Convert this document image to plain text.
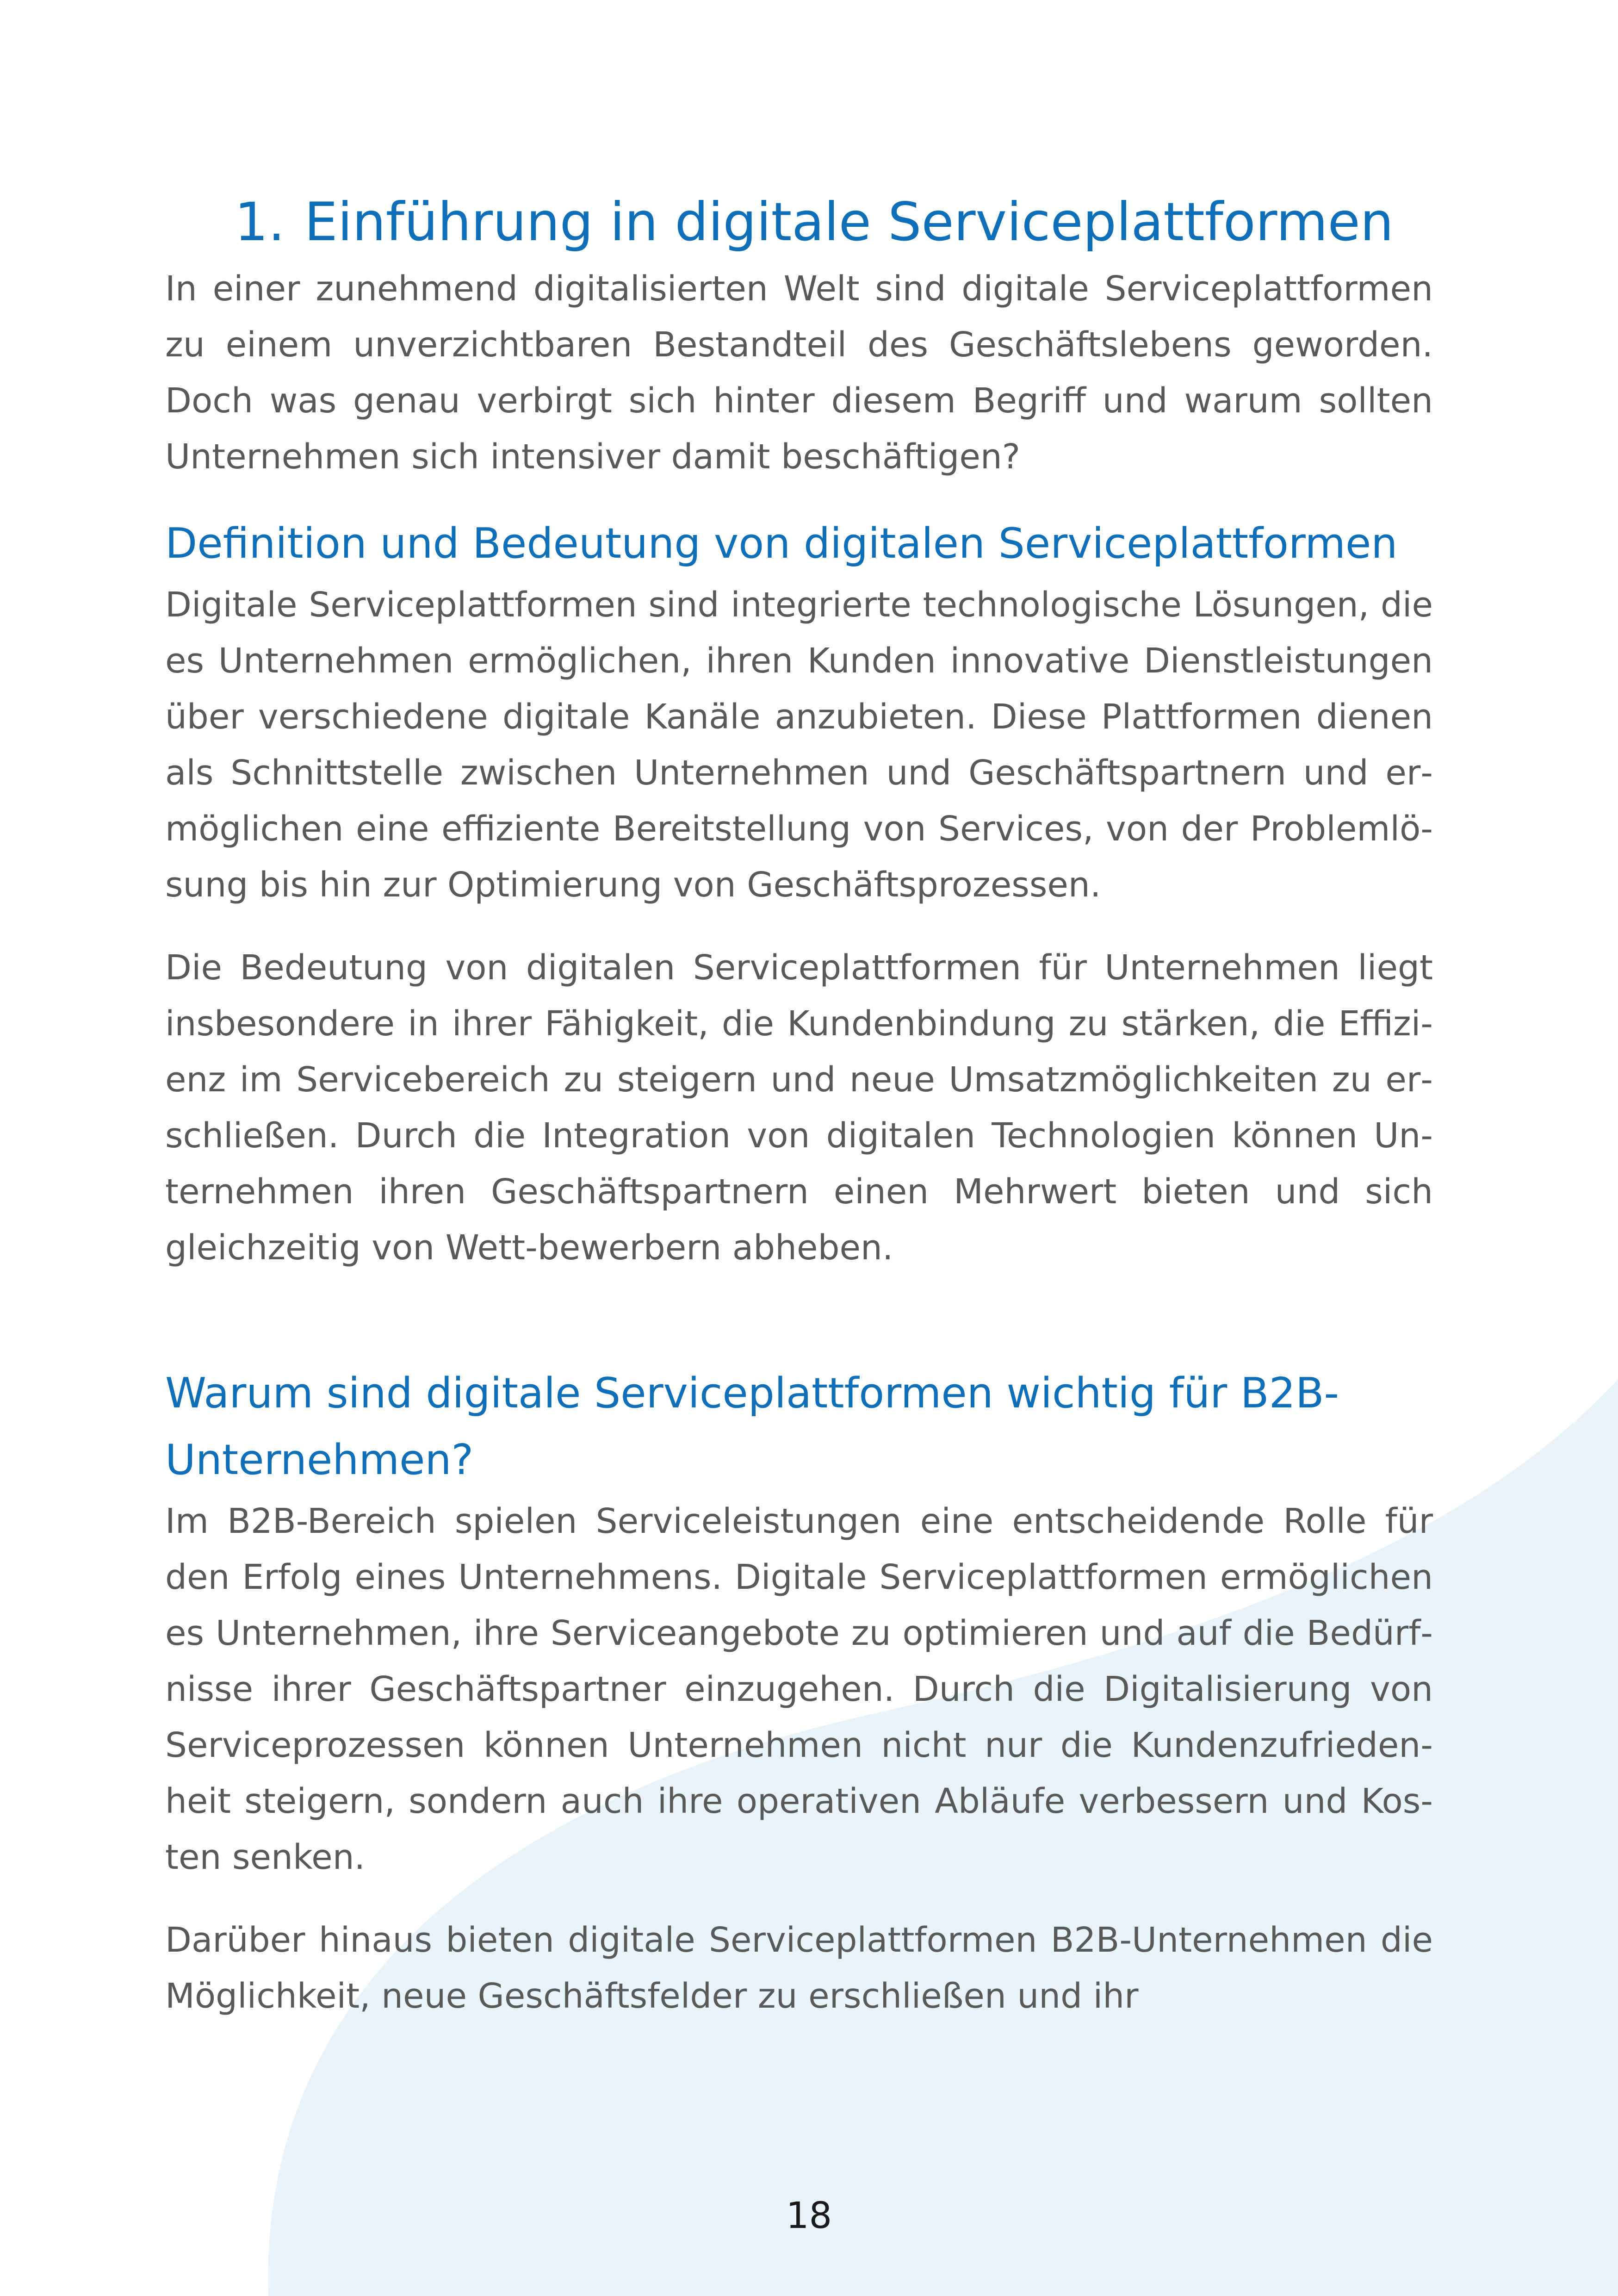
1. Einführung in digitale Serviceplattformen

In einer zunehmend digitalisierten Welt sind digitale Serviceplattformen zu einem unverzichtbaren Bestandteil des Geschäftslebens geworden. Doch was genau verbirgt sich hinter diesem Begriff und warum sollten Unternehmen sich intensiver damit beschäftigen?

Definition und Bedeutung von digitalen Serviceplattformen

Digitale Serviceplattformen sind integrierte technologische Lösungen, die es Unternehmen ermöglichen, ihren Kunden innovative Dienstleistungen über verschiedene digitale Kanäle anzubieten. Diese Plattformen dienen als Schnittstelle zwischen Unternehmen und Geschäftspartnern und ermöglichen eine effiziente Bereitstellung von Services, von der Problemlösung bis hin zur Optimierung von Geschäftsprozessen.

Die Bedeutung von digitalen Serviceplattformen für Unternehmen liegt insbesondere in ihrer Fähigkeit, die Kundenbindung zu stärken, die Effizienz im Servicebereich zu steigern und neue Umsatzmöglichkeiten zu erschließen. Durch die Integration von digitalen Technologien können Unternehmen ihren Geschäftspartnern einen Mehrwert bieten und sich gleichzeitig von Wett-bewerbern abheben.

Warum sind digitale Serviceplattformen wichtig für B2B-Unternehmen?

Im B2B-Bereich spielen Serviceleistungen eine entscheidende Rolle für den Erfolg eines Unternehmens. Digitale Serviceplattformen ermöglichen es Unternehmen, ihre Serviceangebote zu optimieren und auf die Bedürfnisse ihrer Geschäftspartner einzugehen. Durch die Digitalisierung von Serviceprozessen können Unternehmen nicht nur die Kundenzufriedenheit steigern, sondern auch ihre operativen Abläufe verbessern und Kosten senken.

Darüber hinaus bieten digitale Serviceplattformen B2B-Unternehmen die Möglichkeit, neue Geschäftsfelder zu erschließen und ihr

18
